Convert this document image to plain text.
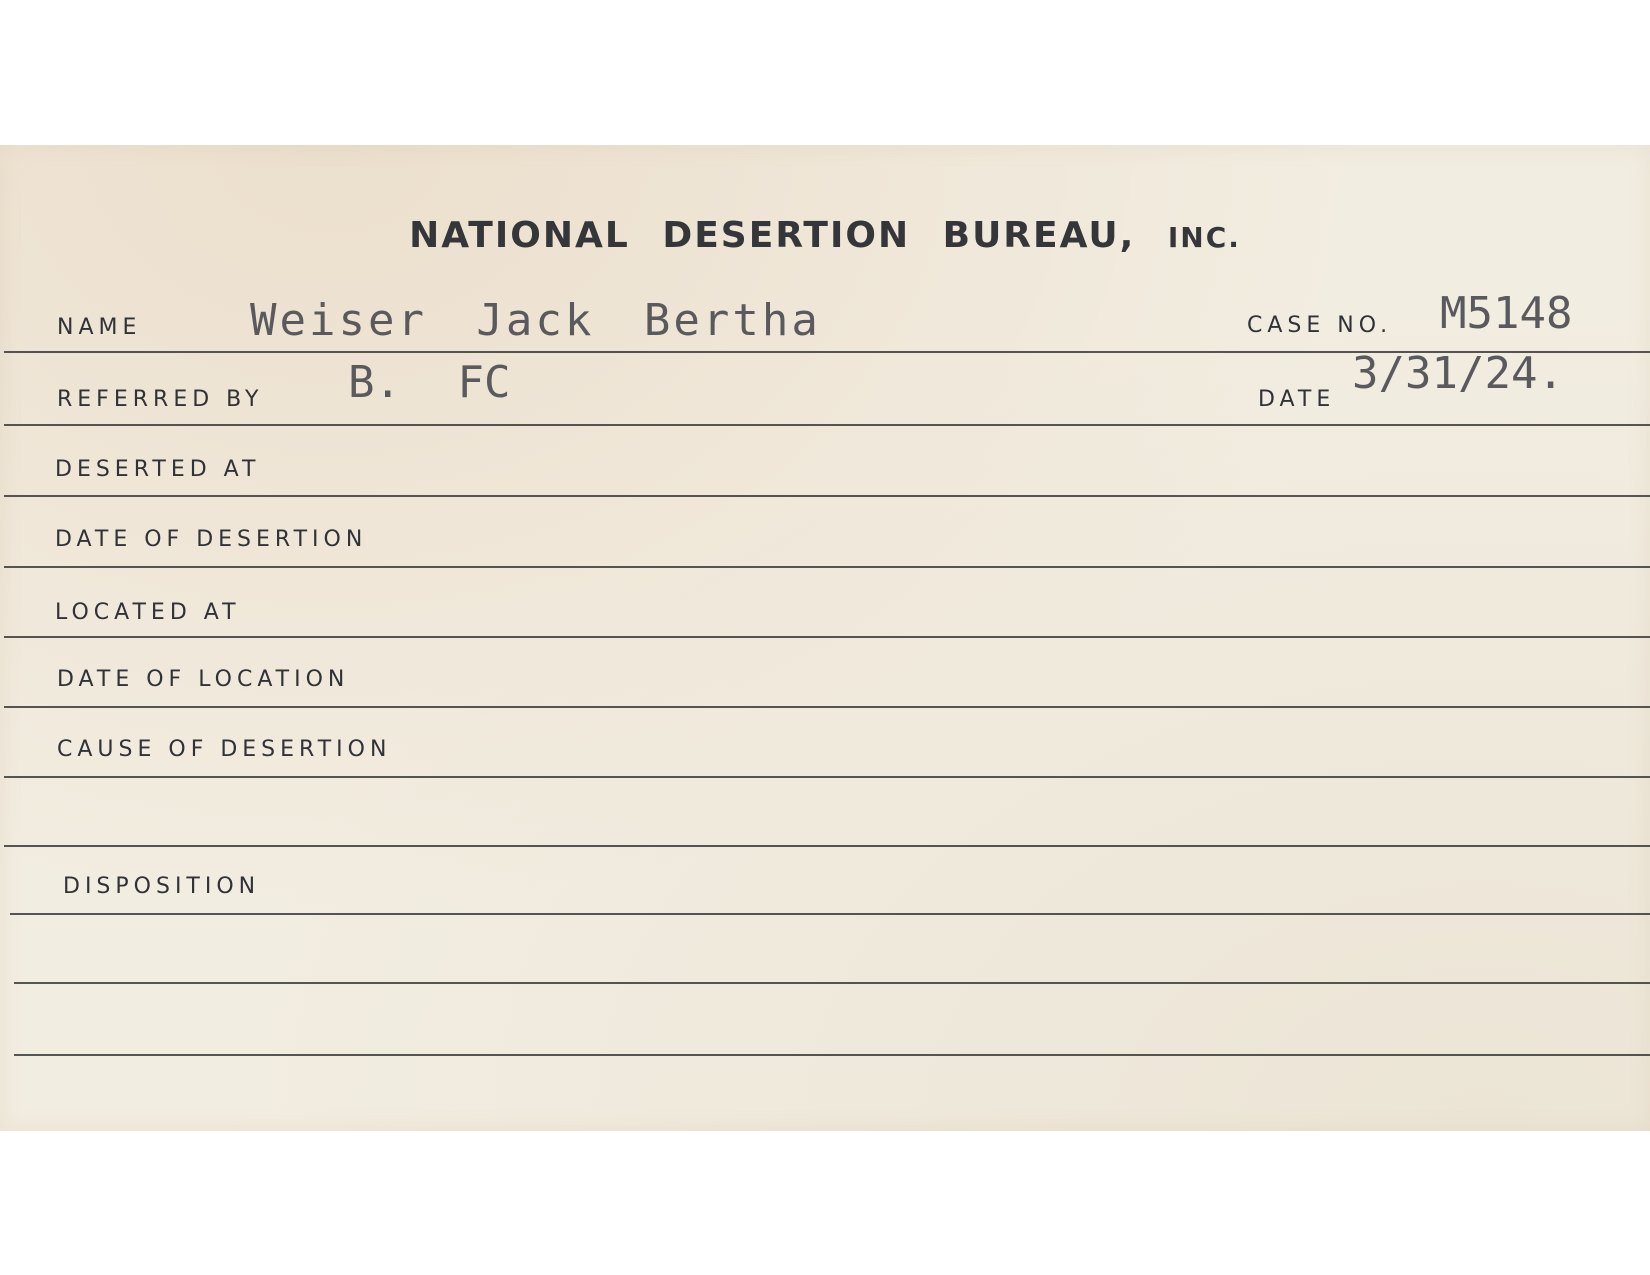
NATIONAL DESERTION BUREAU, INC.
NAME Weiser Jack Bertha	CASE NO. M5148
REFERRED BY B. FC	DATE
3/31/24.
DESERTED AT
DATE OF DESERTION
LOCATED AT
DATE OF LOCATION
CAUSE OF DESERTION
DISPOSITION
